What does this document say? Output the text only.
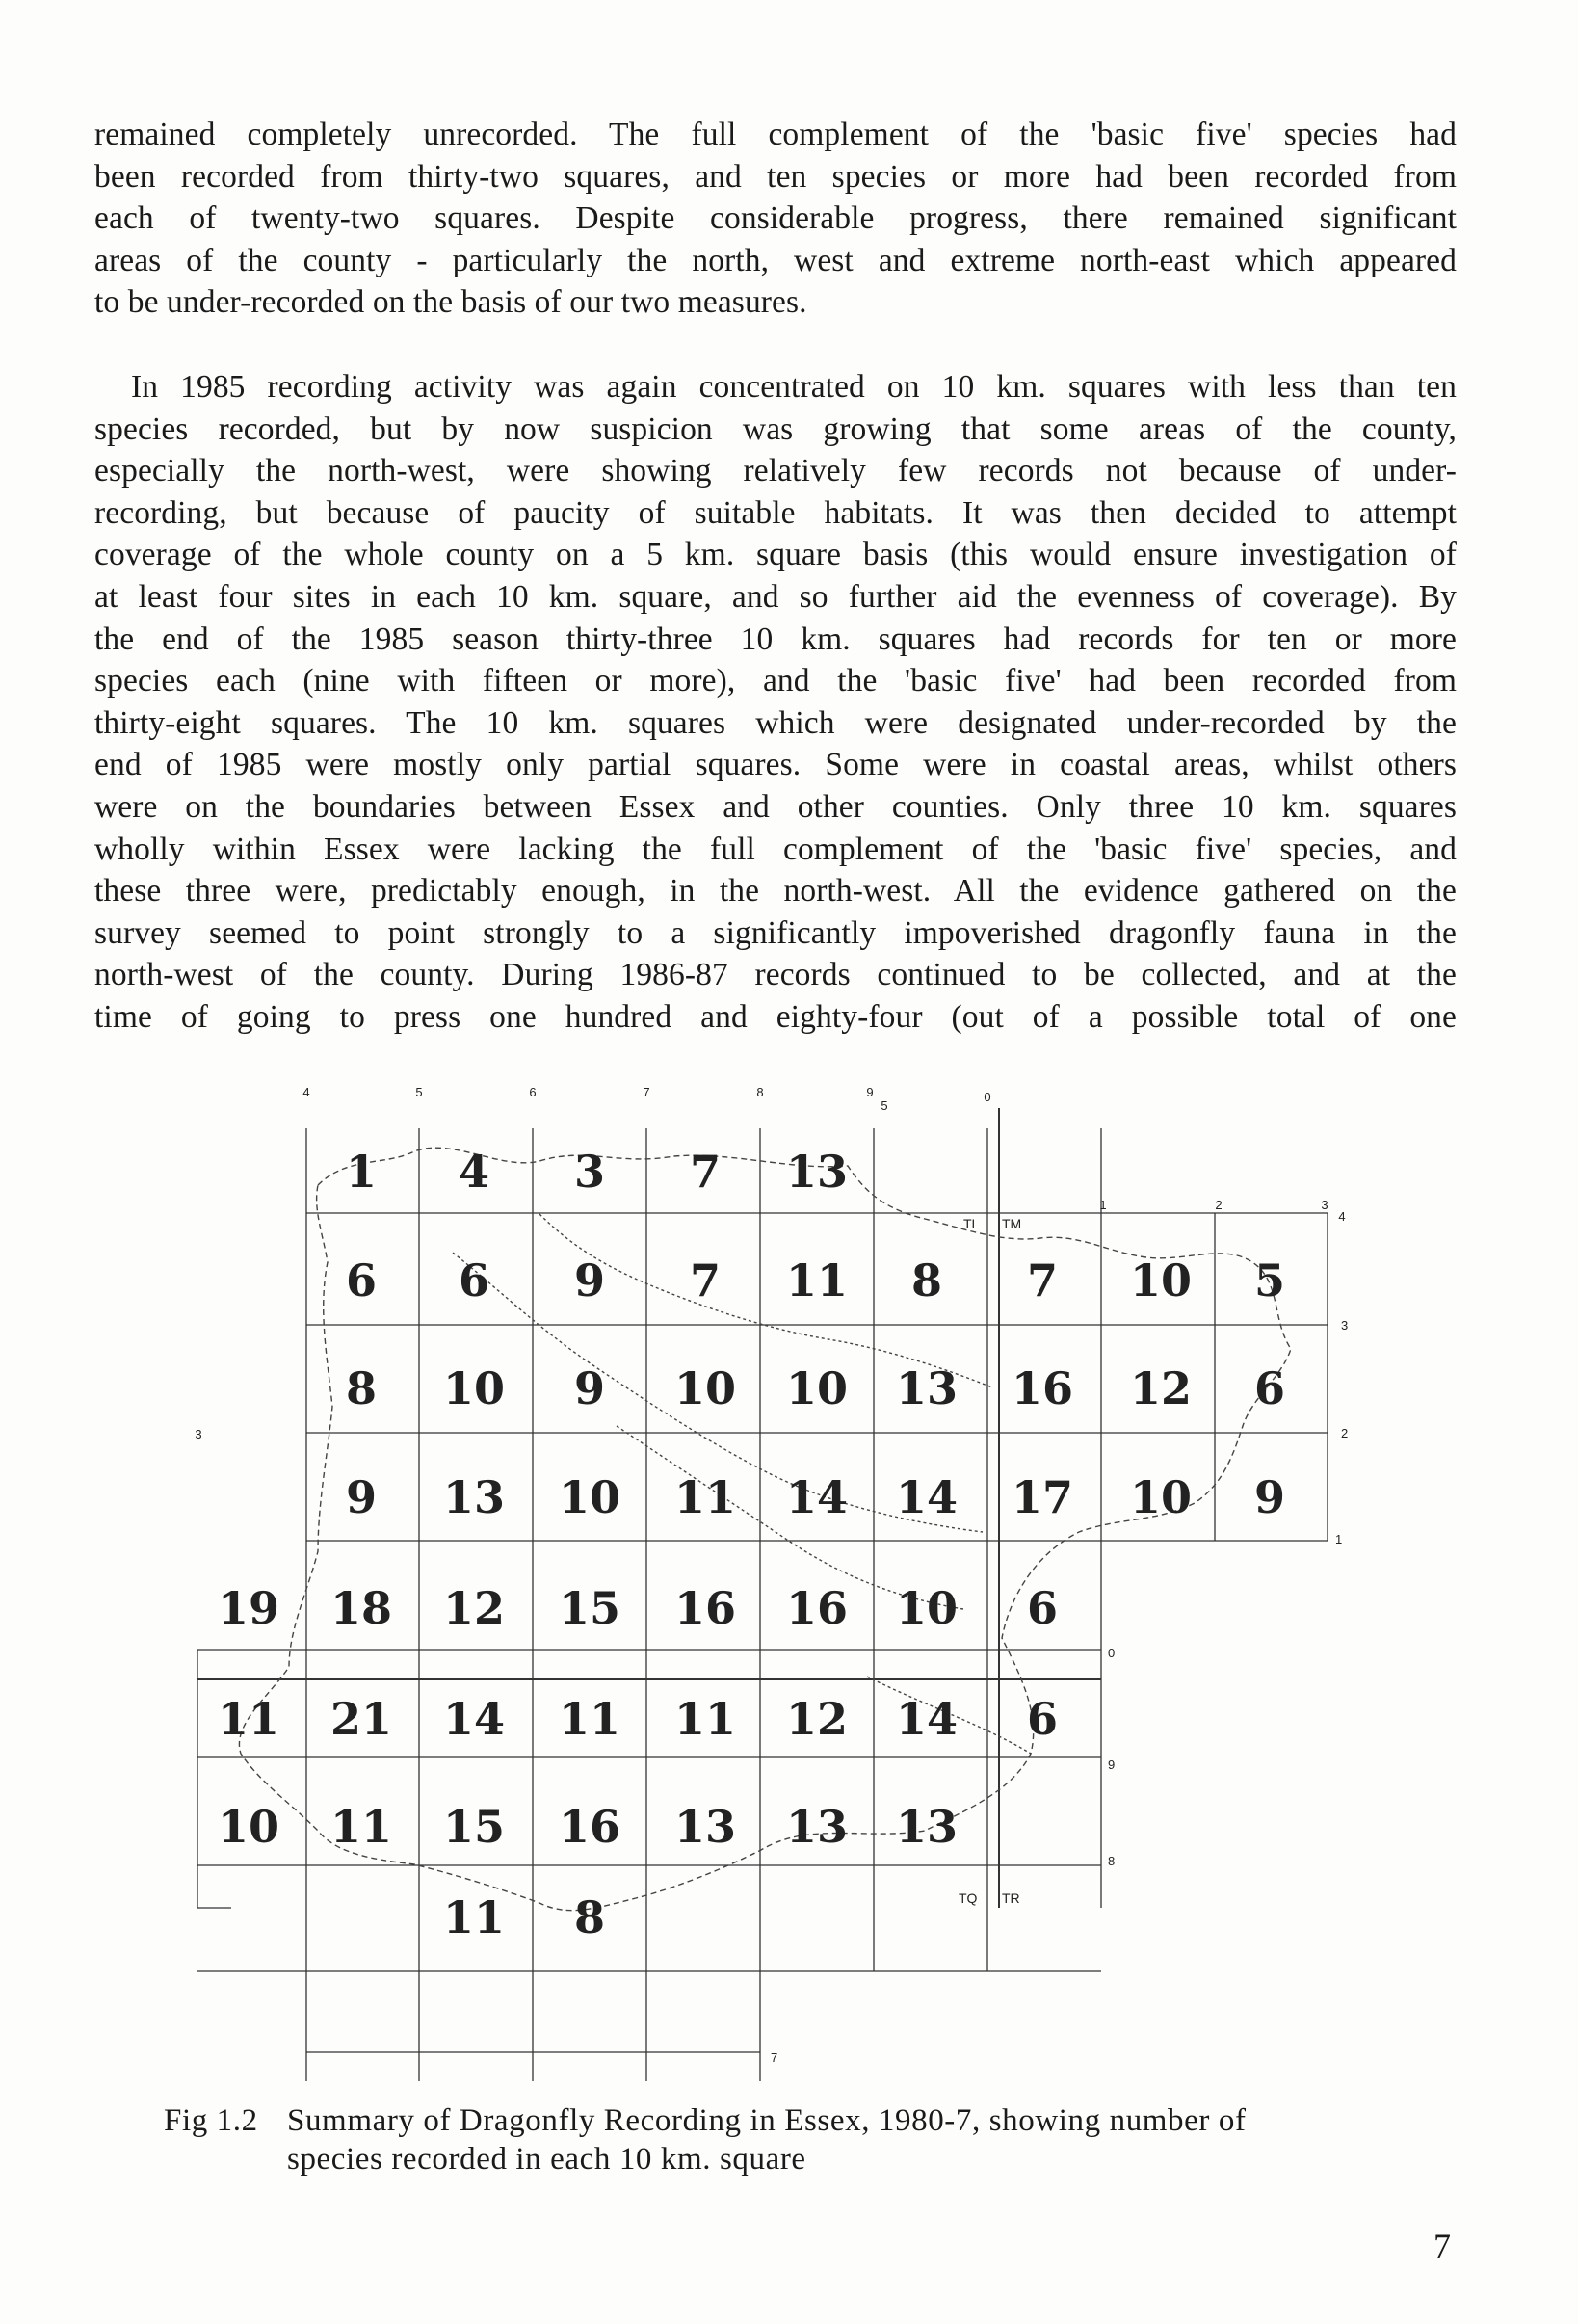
remained completely unrecorded. The full complement of the 'basic five' species had
been recorded from thirty-two squares, and ten species or more had been recorded from
each of twenty-two squares. Despite considerable progress, there remained significant
areas of the county - particularly the north, west and extreme north-east which appeared
to be under-recorded on the basis of our two measures.

In 1985 recording activity was again concentrated on 10 km. squares with less than ten
species recorded, but by now suspicion was growing that some areas of the county,
especially the north-west, were showing relatively few records not because of under-
recording, but because of paucity of suitable habitats. It was then decided to attempt
coverage of the whole county on a 5 km. square basis (this would ensure investigation of
at least four sites in each 10 km. square, and so further aid the evenness of coverage). By
the end of the 1985 season thirty-three 10 km. squares had records for ten or more
species each (nine with fifteen or more), and the 'basic five' had been recorded from
thirty-eight squares. The 10 km. squares which were designated under-recorded by the
end of 1985 were mostly only partial squares. Some were in coastal areas, whilst others
were on the boundaries between Essex and other counties. Only three 10 km. squares
wholly within Essex were lacking the full complement of the 'basic five' species, and
these three were, predictably enough, in the north-west. All the evidence gathered on the
survey seemed to point strongly to a significantly impoverished dragonfly fauna in the
north-west of the county. During 1986-87 records continued to be collected, and at the
time of going to press one hundred and eighty-four (out of a possible total of one

4	5	6	7	8	9
5
0
1	2	3
4
3
2
1
0
9
8
7
3
TL TM
TQ TR
1 4 3 7 13
6 6 9 7 11 8 7 10 5
8 10 9 10 10 13 16 12 6
9 13 10 11 14 14 17 10 9
19 18 12 15 16 16 10 6
11 21 14 11 11 12 14 6
10 11 15 16 13 13 13
11 8
Fig 1.2 Summary of Dragonfly Recording in Essex, 1980-7, showing number of
species recorded in each 10 km. square
7
